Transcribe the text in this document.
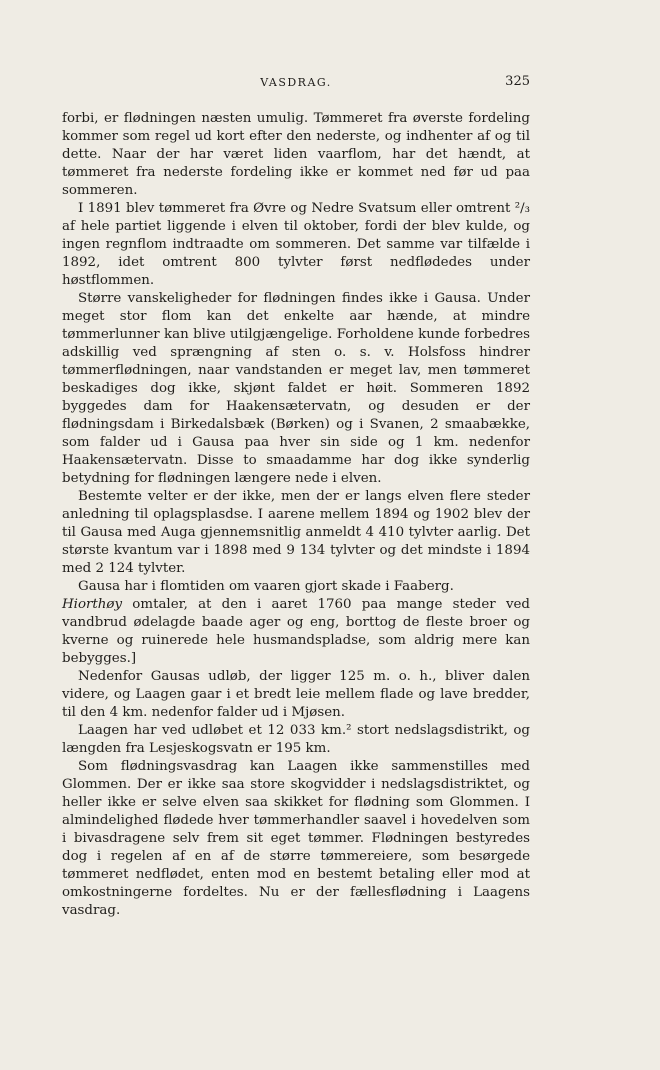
VASDRAG.	325

forbi, er flødningen næsten umulig. Tømmeret fra øverste fordeling kommer som regel ud kort efter den nederste, og indhenter af og til dette. Naar der har været liden vaarflom, har det hændt, at tømmeret fra nederste fordeling ikke er kommet ned før ud paa sommeren.

I 1891 blev tømmeret fra Øvre og Nedre Svatsum eller omtrent ²/₃ af hele partiet liggende i elven til oktober, fordi der blev kulde, og ingen regnflom indtraadte om sommeren. Det samme var tilfælde i 1892, idet omtrent 800 tylvter først nedflødedes under høstflommen.

Større vanskeligheder for flødningen findes ikke i Gausa. Under meget stor flom kan det enkelte aar hænde, at mindre tømmerlunner kan blive utilgjængelige. Forholdene kunde forbedres adskillig ved sprængning af sten o. s. v. Holsfoss hindrer tømmerflødningen, naar vandstanden er meget lav, men tømmeret beskadiges dog ikke, skjønt faldet er høit. Sommeren 1892 byggedes dam for Haakensætervatn, og desuden er der flødningsdam i Birkedalsbæk (Børken) og i Svanen, 2 smaabække, som falder ud i Gausa paa hver sin side og 1 km. nedenfor Haakensætervatn. Disse to smaadamme har dog ikke synderlig betydning for flødningen længere nede i elven.

Bestemte velter er der ikke, men der er langs elven flere steder anledning til oplagsplasdse. I aarene mellem 1894 og 1902 blev der til Gausa med Auga gjennemsnitlig anmeldt 4 410 tylvter aarlig. Det største kvantum var i 1898 med 9 134 tylvter og det mindste i 1894 med 2 124 tylvter.

Gausa har i flomtiden om vaaren gjort skade i Faaberg.

Hiorthøy omtaler, at den i aaret 1760 paa mange steder ved vandbrud ødelagde baade ager og eng, borttog de fleste broer og kverne og ruinerede hele husmandspladse, som aldrig mere kan bebygges.]

Nedenfor Gausas udløb, der ligger 125 m. o. h., bliver dalen videre, og Laagen gaar i et bredt leie mellem flade og lave bredder, til den 4 km. nedenfor falder ud i Mjøsen.

Laagen har ved udløbet et 12 033 km.² stort nedslagsdistrikt, og længden fra Lesjeskogsvatn er 195 km.

Som flødningsvasdrag kan Laagen ikke sammenstilles med Glommen. Der er ikke saa store skogvidder i nedslagsdistriktet, og heller ikke er selve elven saa skikket for flødning som Glommen. I almindelighed flødede hver tømmerhandler saavel i hovedelven som i bivasdragene selv frem sit eget tømmer. Flødningen bestyredes dog i regelen af en af de større tømmereiere, som besørgede tømmeret nedflødet, enten mod en bestemt betaling eller mod at omkostningerne fordeltes. Nu er der fællesflødning i Laagens vasdrag.
